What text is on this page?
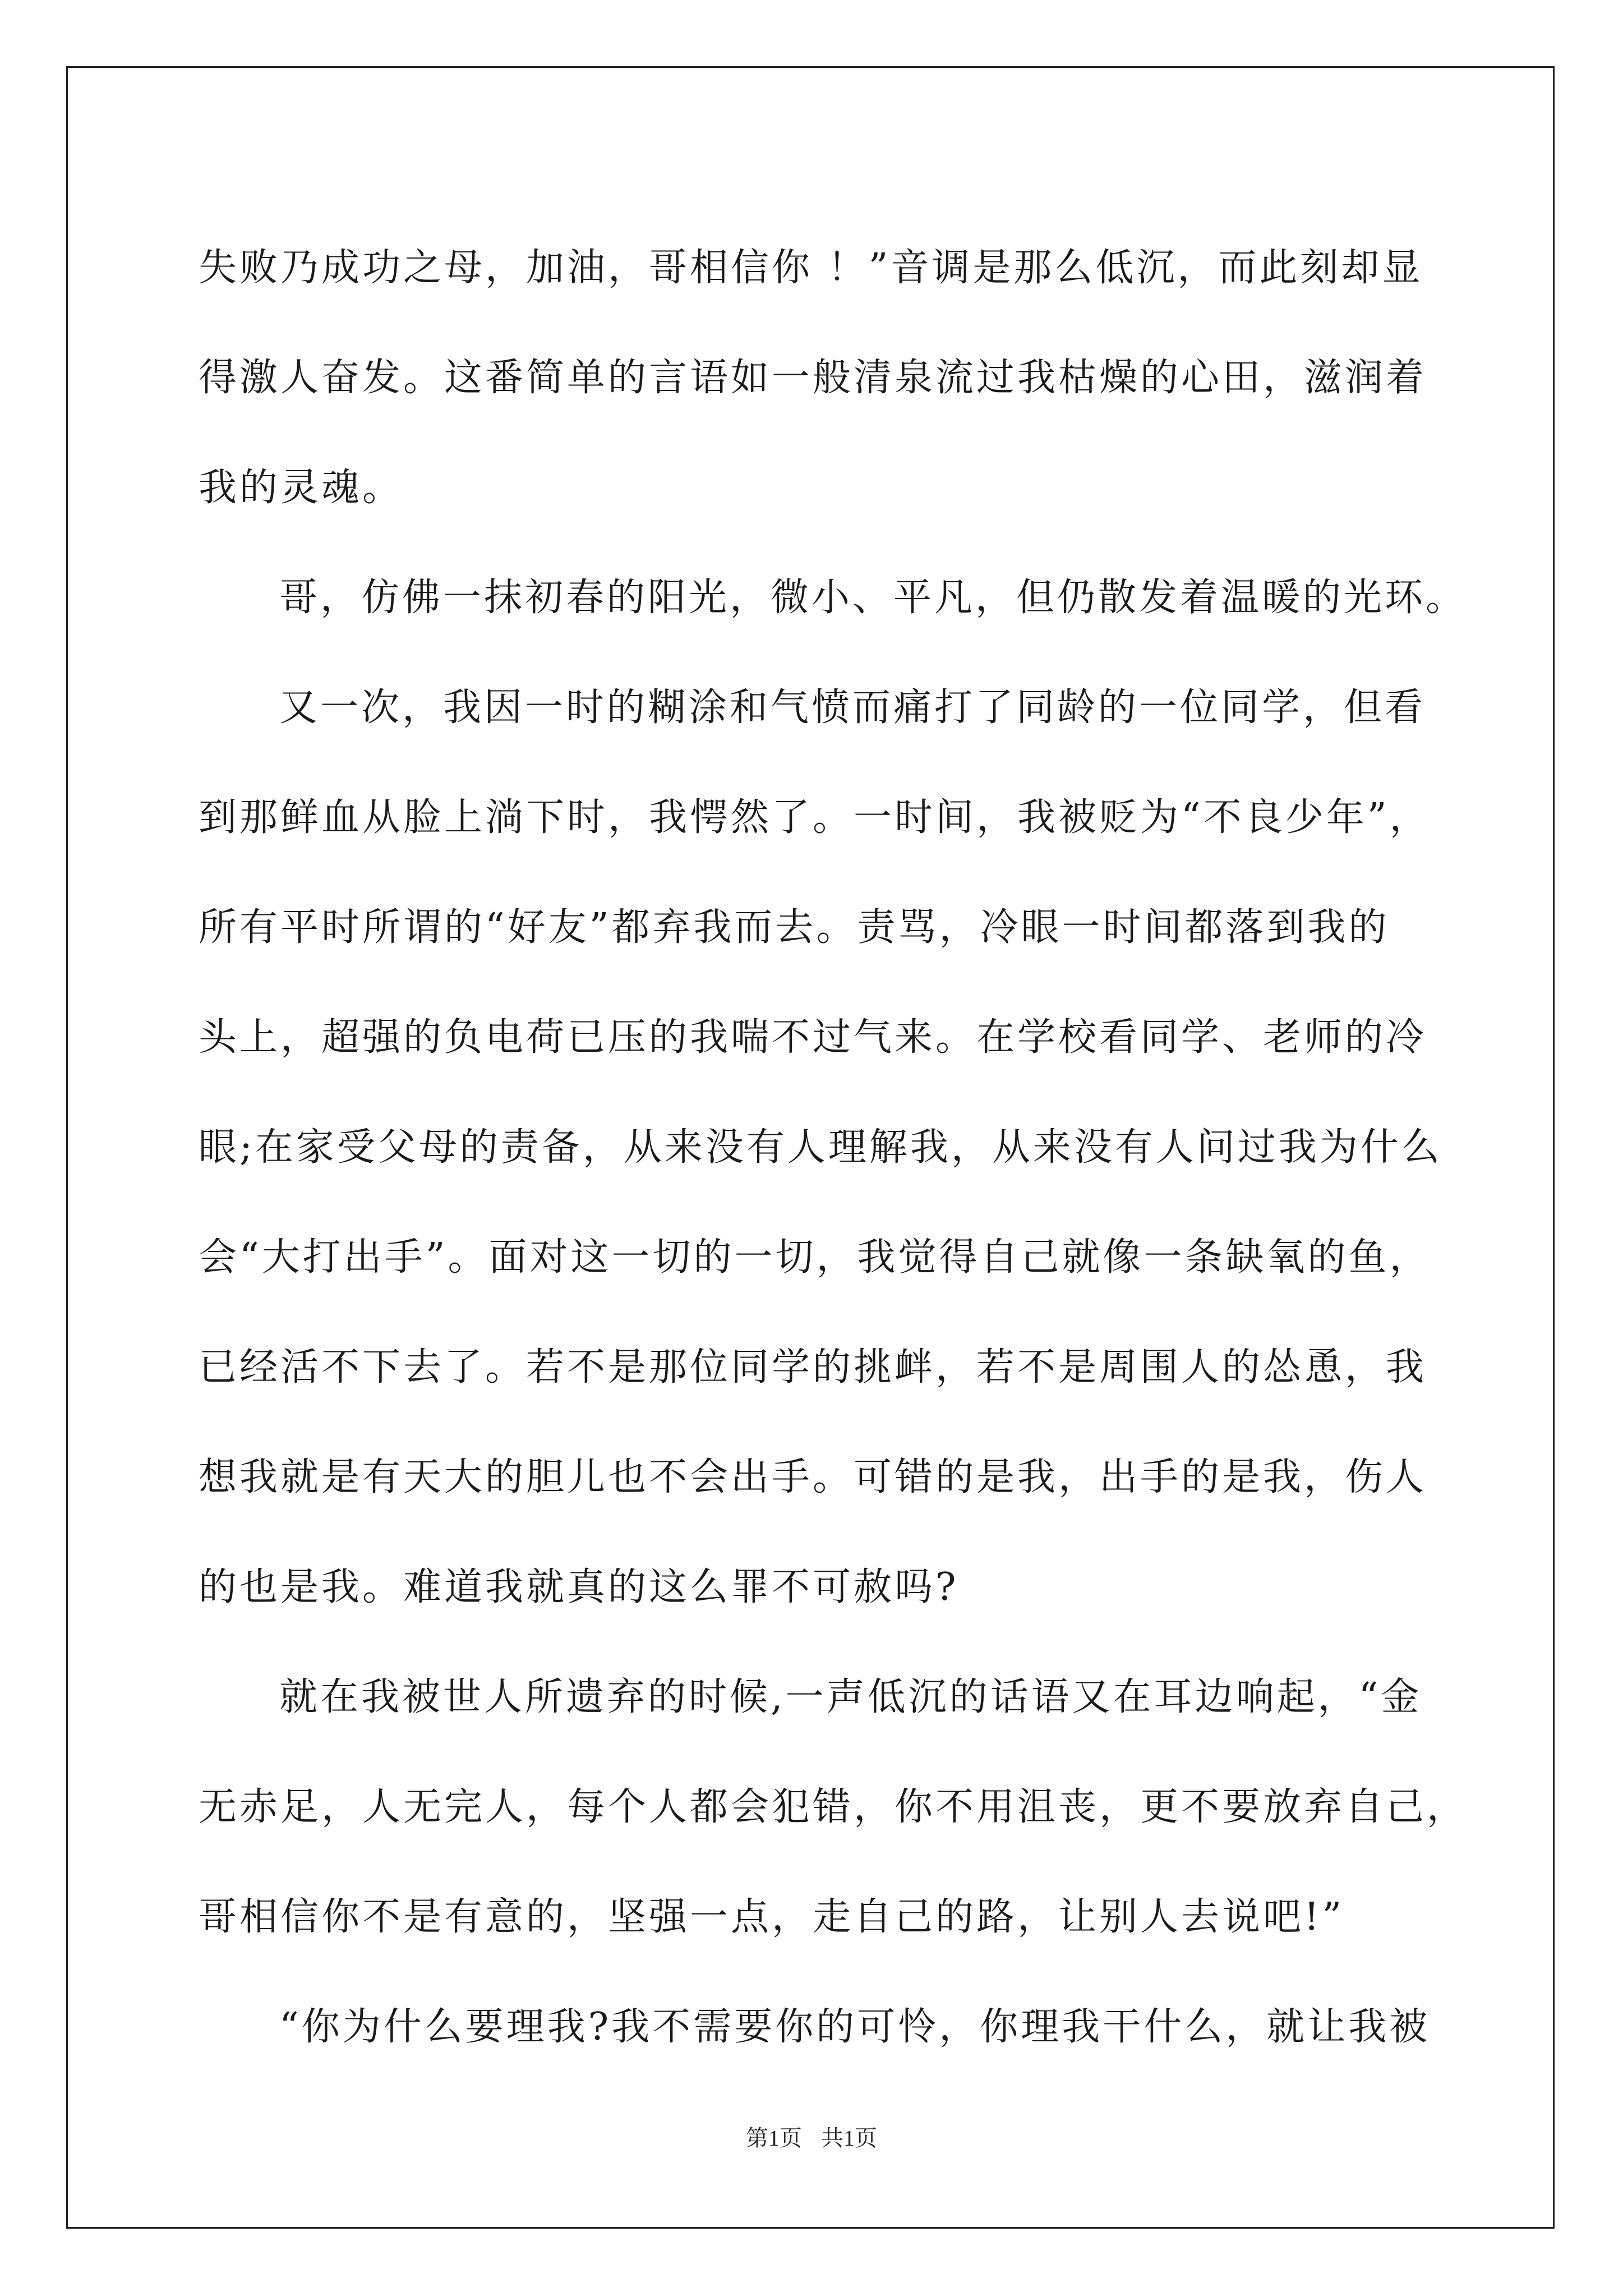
失败乃成功之母，加油，哥相信你 ！”音调是那么低沉，而此刻却显
得激人奋发。这番简单的言语如一般清泉流过我枯燥的心田，滋润着
我的灵魂。
哥，仿佛一抹初春的阳光，微小、平凡，但仍散发着温暖的光环。
又一次，我因一时的糊涂和气愤而痛打了同龄的一位同学，但看
到那鲜血从脸上淌下时，我愕然了。一时间，我被贬为“不良少年”，
所有平时所谓的“好友”都弃我而去。责骂，冷眼一时间都落到我的
头上，超强的负电荷已压的我喘不过气来。在学校看同学、老师的冷
眼;在家受父母的责备，从来没有人理解我，从来没有人问过我为什么
会“大打出手”。面对这一切的一切，我觉得自己就像一条缺氧的鱼，
已经活不下去了。若不是那位同学的挑衅，若不是周围人的怂恿，我
想我就是有天大的胆儿也不会出手。可错的是我，出手的是我，伤人
的也是我。难道我就真的这么罪不可赦吗?
就在我被世人所遗弃的时候,一声低沉的话语又在耳边响起，“金
无赤足，人无完人，每个人都会犯错，你不用沮丧，更不要放弃自己，
哥相信你不是有意的，坚强一点，走自己的路，让别人去说吧!”
“你为什么要理我?我不需要你的可怜，你理我干什么，就让我被
第1页 共1页
